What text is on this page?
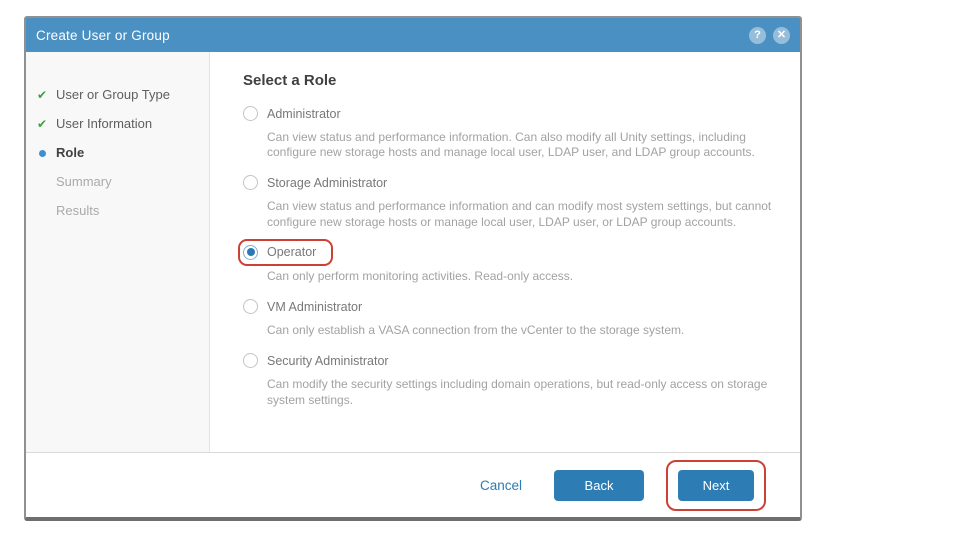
Create User or Group	?	✕
✔ User or Group Type
✔ User Information
Role
Summary
Results
Select a Role
Administrator
Can view status and performance information. Can also modify all Unity settings, including configure new storage hosts and manage local user, LDAP user, and LDAP group accounts.
Storage Administrator
Can view status and performance information and can modify most system settings, but cannot configure new storage hosts or manage local user, LDAP user, or LDAP group accounts.
Operator
Can only perform monitoring activities. Read-only access.
VM Administrator
Can only establish a VASA connection from the vCenter to the storage system.
Security Administrator
Can modify the security settings including domain operations, but read-only access on storage system settings.
Cancel	Back	Next
